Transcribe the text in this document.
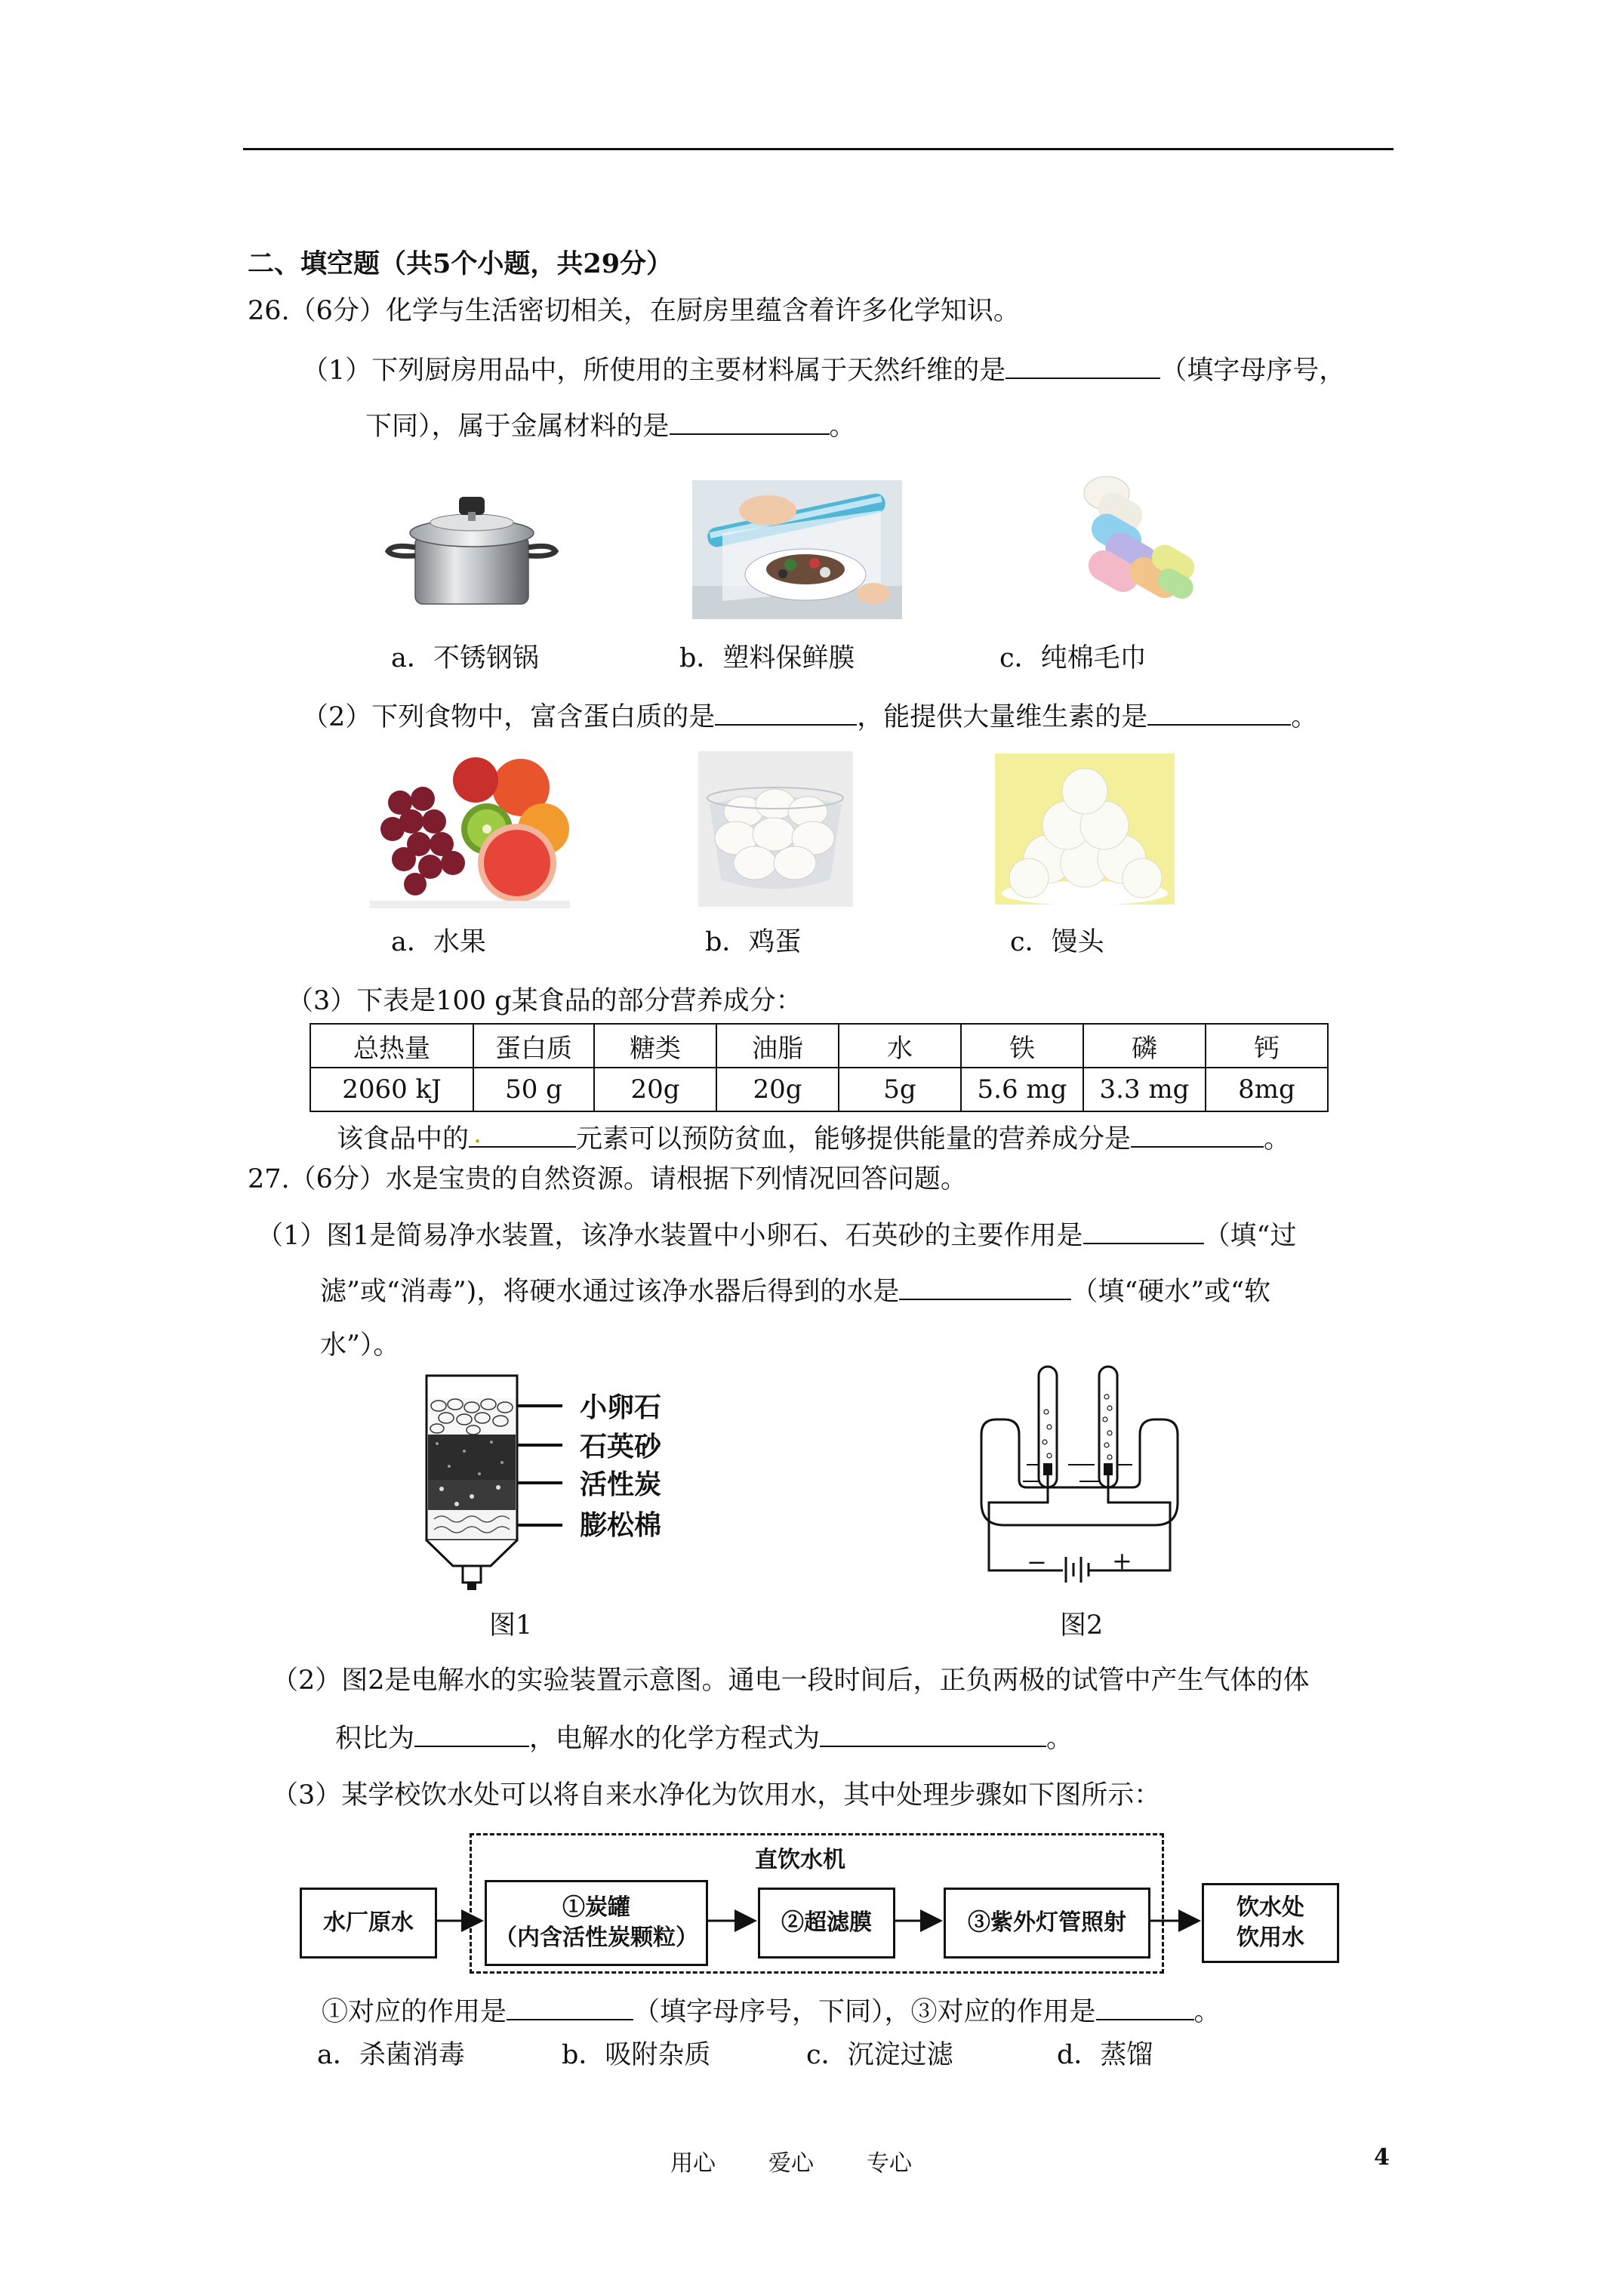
二、填空题（共5个小题，共29分）
26.（6分）化学与生活密切相关，在厨房里蕴含着许多化学知识。
（1）下列厨房用品中，所使用的主要材料属于天然纤维的是	（填字母序号，
下同），属于金属材料的是	。
a．不锈钢锅	b．塑料保鲜膜	c．纯棉毛巾
（2）下列食物中，富含蛋白质的是	，能提供大量维生素的是	。
a．水果	b．鸡蛋	c．馒头
（3）下表是100 g某食品的部分营养成分：
总热量	蛋白质	糖类	油脂	水	铁	磷	钙
2060 kJ	50 g	20g	20g	5g	5.6 mg	3.3 mg	8mg
该食品中的 .	元素可以预防贫血，能够提供能量的营养成分是	。
27.（6分）水是宝贵的自然资源。请根据下列情况回答问题。
（1）图1是简易净水装置，该净水装置中小卵石、石英砂的主要作用是	（填“过
滤”或“消毒”)，将硬水通过该净水器后得到的水是	（填“硬水”或“软
水”）。
小卵石
石英砂
活性炭
膨松棉
图1
−	+
图2
（2）图2是电解水的实验装置示意图。通电一段时间后，正负两极的试管中产生气体的体
积比为	，电解水的化学方程式为	。
（3）某学校饮水处可以将自来水净化为饮用水，其中处理步骤如下图所示：
直饮水机
水厂原水
①炭罐
（内含活性炭颗粒）
②超滤膜	③紫外灯管照射
饮水处
饮用水
①对应的作用是	（填字母序号，下同），③对应的作用是	。
a．杀菌消毒	b．吸附杂质	c．沉淀过滤	d．蒸馏
用心 爱心 专心	4
